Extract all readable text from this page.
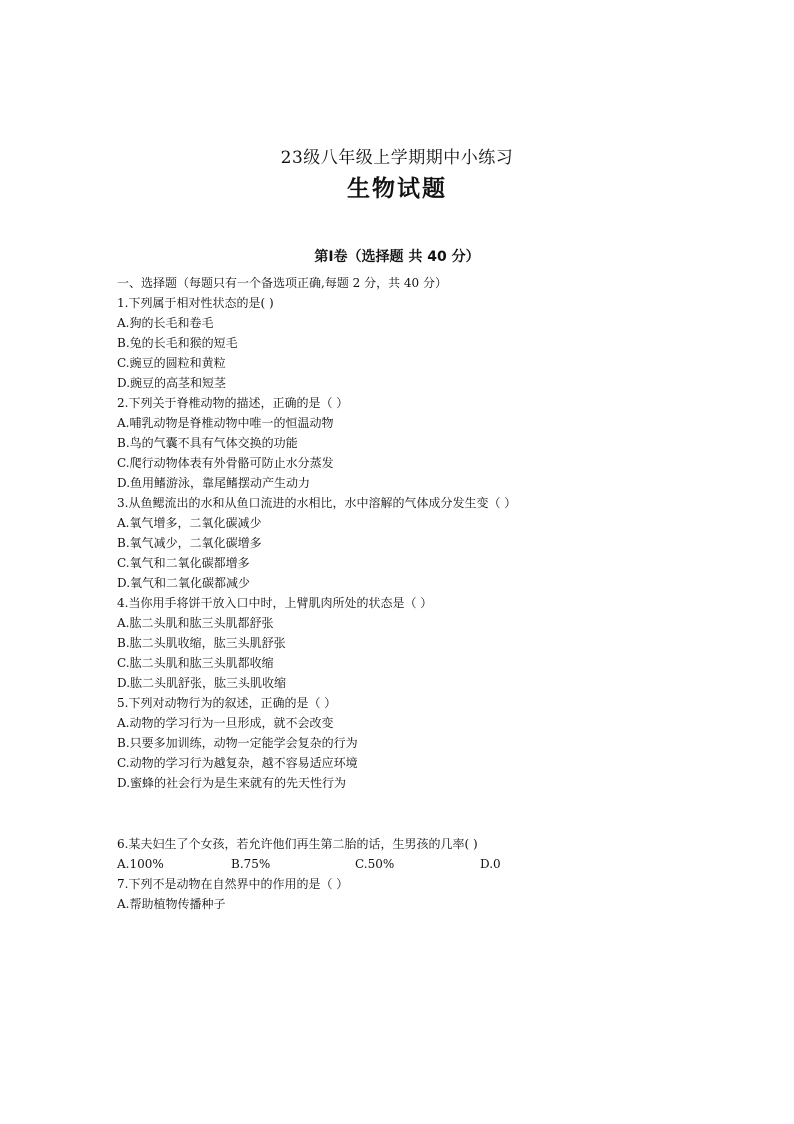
23级八年级上学期期中小练习
生物试题
第Ⅰ卷（选择题 共 40 分）
一、选择题（每题只有一个备选项正确,每题 2 分，共 40 分）
1.下列属于相对性状态的是( )
A.狗的长毛和卷毛
B.兔的长毛和猴的短毛
C.豌豆的圆粒和黄粒
D.豌豆的高茎和短茎
2.下列关于脊椎动物的描述，正确的是（ ）
A.哺乳动物是脊椎动物中唯一的恒温动物
B.鸟的气囊不具有气体交换的功能
C.爬行动物体表有外骨骼可防止水分蒸发
D.鱼用鳍游泳，靠尾鳍摆动产生动力
3.从鱼鳃流出的水和从鱼口流进的水相比，水中溶解的气体成分发生变（ ）
A.氧气增多，二氧化碳减少
B.氧气减少，二氧化碳增多
C.氧气和二氧化碳都增多
D.氧气和二氧化碳都减少
4.当你用手将饼干放入口中时，上臂肌肉所处的状态是（ ）
A.肱二头肌和肱三头肌都舒张
B.肱二头肌收缩，肱三头肌舒张
C.肱二头肌和肱三头肌都收缩
D.肱二头肌舒张，肱三头肌收缩
5.下列对动物行为的叙述，正确的是（ ）
A.动物的学习行为一旦形成，就不会改变
B.只要多加训练，动物一定能学会复杂的行为
C.动物的学习行为越复杂，越不容易适应环境
D.蜜蜂的社会行为是生来就有的先天性行为
6.某夫妇生了个女孩，若允许他们再生第二胎的话，生男孩的几率( )
A.100%	B.75%	C.50%	D.0
7.下列不是动物在自然界中的作用的是（ ）
A.帮助植物传播种子
